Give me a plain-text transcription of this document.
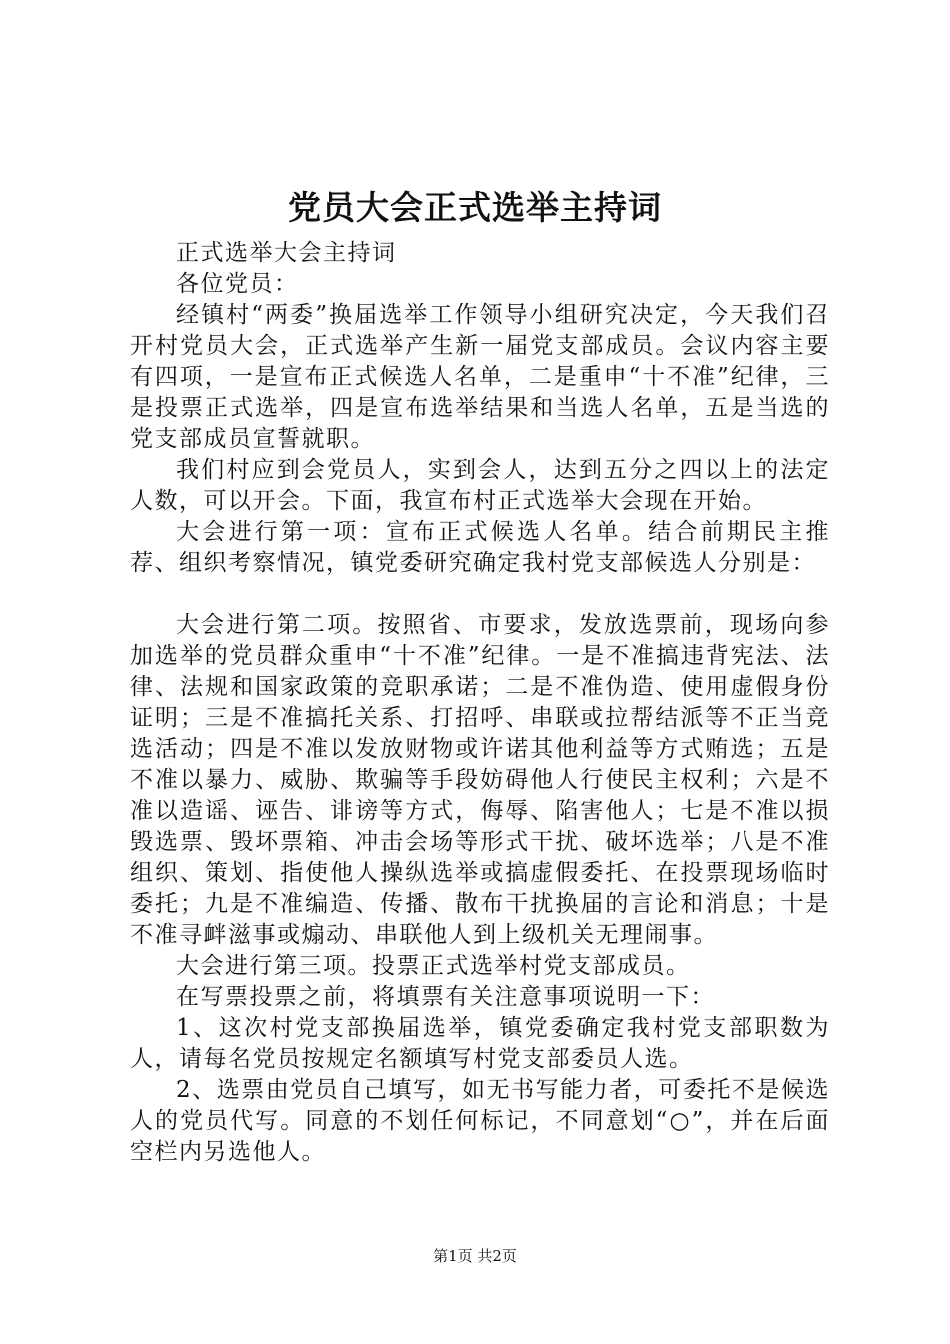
党员大会正式选举主持词

正式选举大会主持词

各位党员：

经镇村“两委”换届选举工作领导小组研究决定，今天我们召开村党员大会，正式选举产生新一届党支部成员。会议内容主要有四项，一是宣布正式候选人名单，二是重申“十不准”纪律，三是投票正式选举，四是宣布选举结果和当选人名单，五是当选的党支部成员宣誓就职。

我们村应到会党员人，实到会人，达到五分之四以上的法定人数，可以开会。下面，我宣布村正式选举大会现在开始。

大会进行第一项：宣布正式候选人名单。结合前期民主推荐、组织考察情况，镇党委研究确定我村党支部候选人分别是：

大会进行第二项。按照省、市要求，发放选票前，现场向参加选举的党员群众重申“十不准”纪律。一是不准搞违背宪法、法律、法规和国家政策的竞职承诺；二是不准伪造、使用虚假身份证明；三是不准搞托关系、打招呼、串联或拉帮结派等不正当竞选活动；四是不准以发放财物或许诺其他利益等方式贿选；五是不准以暴力、威胁、欺骗等手段妨碍他人行使民主权利；六是不准以造谣、诬告、诽谤等方式，侮辱、陷害他人；七是不准以损毁选票、毁坏票箱、冲击会场等形式干扰、破坏选举；八是不准组织、策划、指使他人操纵选举或搞虚假委托、在投票现场临时委托；九是不准编造、传播、散布干扰换届的言论和消息；十是不准寻衅滋事或煽动、串联他人到上级机关无理闹事。

大会进行第三项。投票正式选举村党支部成员。

在写票投票之前，将填票有关注意事项说明一下：

1、这次村党支部换届选举，镇党委确定我村党支部职数为人，请每名党员按规定名额填写村党支部委员人选。

2、选票由党员自己填写，如无书写能力者，可委托不是候选人的党员代写。同意的不划任何标记，不同意划“○”，并在后面空栏内另选他人。

第1页 共2页
